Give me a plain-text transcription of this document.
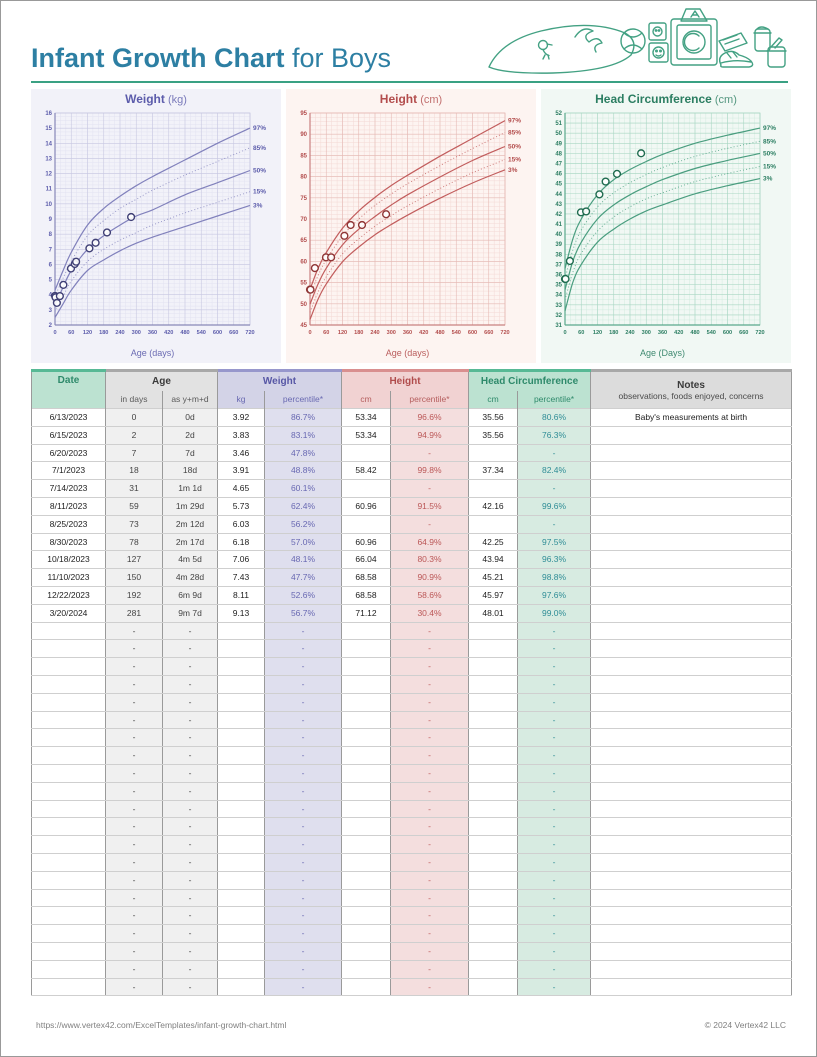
Infant Growth Chart for Boys
2
3
4
5
6
7
8
9
10
11
12
13
14
15
16
0 60 120 180 240 300 360 420 480 540 600 660 720
Age (days)
97%
85%
50%
15%
3%
Weight (kg)
45
50
55
60
65
70
75
80
85
90
95
0 60 120 180 240 300 360 420 480 540 600 660 720
Age (days)
97%
85%
50%
15%
3%
Height (cm)
31
32
33
34
35
36
37
38
39
40
41
42
43
44
45
46
47
48
49
50
51
52
0 60 120 180 240 300 360 420 480 540 600 660 720
Age (Days)
97%
85%
50%
15%
3%
Head Circumference (cm)
Date	Age		Weight		Height		Head Circumference		Notes
observations, foods enjoyed, concerns

	in days	as y+m+d	kg	percentile*	cm	percentile*	cm	percentile*	
6/13/2023	0	0d	3.92	86.7%	53.34	96.6%	35.56	80.6%	Baby's measurements at birth
6/15/2023	2	2d	3.83	83.1%	53.34	94.9%	35.56	76.3%	
6/20/2023	7	7d	3.46	47.8%		-		-	
7/1/2023	18	18d	3.91	48.8%	58.42	99.8%	37.34	82.4%	
7/14/2023	31	1m 1d	4.65	60.1%		-		-	
8/11/2023	59	1m 29d	5.73	62.4%	60.96	91.5%	42.16	99.6%	
8/25/2023	73	2m 12d	6.03	56.2%		-		-	
8/30/2023	78	2m 17d	6.18	57.0%	60.96	64.9%	42.25	97.5%	
10/18/2023	127	4m 5d	7.06	48.1%	66.04	80.3%	43.94	96.3%	
11/10/2023	150	4m 28d	7.43	47.7%	68.58	90.9%	45.21	98.8%	
12/22/2023	192	6m 9d	8.11	52.6%	68.58	58.6%	45.97	97.6%	
3/20/2024	281	9m 7d	9.13	56.7%	71.12	30.4%	48.01	99.0%	
	-	-		-		-		-	
	-	-		-		-		-	
	-	-		-		-		-	
	-	-		-		-		-	
	-	-		-		-		-	
	-	-		-		-		-	
	-	-		-		-		-	
	-	-		-		-		-	
	-	-		-		-		-	
	-	-		-		-		-	
	-	-		-		-		-	
	-	-		-		-		-	
	-	-		-		-		-	
	-	-		-		-		-	
	-	-		-		-		-	
	-	-		-		-		-	
	-	-		-		-		-	
	-	-		-		-		-	
	-	-		-		-		-	
	-	-		-		-		-	
	-	-		-		-		-	
https://www.vertex42.com/ExcelTemplates/infant-growth-chart.html	© 2024 Vertex42 LLC
